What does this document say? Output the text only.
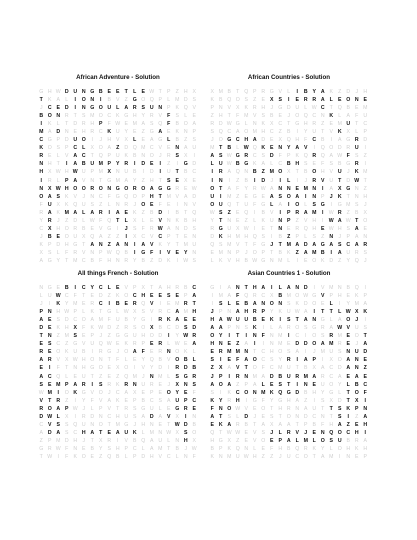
African Adventure - Solution
G H W D U N G B E E T	L E W T P Z H X
T K A	L	I	O N	I	B V Z G O Q P	L M D S
J	C E D	I	N G O U L A R S U N P K Q V
B O N R T S M O C K G H Y R V F S	L	E
I	K	L	T D R H P F W E M A S Q F B O A
M A D N E H R C K U Y E Z G A E K N P
C G P D U O	I	J	H V X L E A G L B Z S
K O S P C L X O A Z D Q M C V E N A U
R E	L	V A C T Q P U K B N O J	R S X	I
N H T	I	A B U M P Y R	I	D E	I	Z	I	G D
H X W H W U P M X N U B	I	D	I	U T B C
I	R L	P A V N T G M A Y Z H T S E X E
N X W H O O R O N G O R O A G G R E W
O A S K V	J	N C F G Q O P H T M V A D
F U X K Q U S Z	L N R	J O E F E	I	N V
R A K M A L A R	I	A E K Z B D	I	B T Q
Y R	J	Z D L W F Q T	L X	L	E V N K B H
C X H O R B E V G	I	J	S F R W A N D S
J	B E O U X Q A Z	Z	I	X C V C P T E N
K P D H G T A N Z A N	I	A V K Y T M U
X S	L	F R V N P W Q B	I	G F	I	V E Y N
A G Y T M C B F H N R Y B Z D K	I	W S
African Countries - Solution
X M B T Q P R G V	L	I	B Y A K Z D	J	H
K B Q O S Z E X S	I	E R R A L E O N E
P N V X K R H	J G D U L W C T Q B E M
Z H T	F M V S B E	J O Q C N K L	A F U
R D W G L N K X C T G H R Z E M U T C
S Q C A O M H C Z B	I	Y U T V K X	L	P
J O G C H A D E X Q H F C B	I	A G R D
M T B L W Q K E N Y A V	I	Q O D R U	I
A S W G R C S D F P K Q R Q A W F S Z
L U W B G K A	L C B H S E F S B G R	I
I	R A Q N B Z M O X T B O H V U	J	K M
I	N	I	Z B	I	D	J	I	L	I	J	R V U T D W T
O T A F Y R W A N N E M N	I	A X G N Z
U	I	M Z E G E A S O A	I	N P	J K T N H
O U Q T U F G L A	I	O L	S G	I	G M S	J
W S Z E Q	I	B V	I	P R A M	I	W R Z B X
Y T N E Z	L	K U N P Z V H	I	W A W T O
R G U X W	I	E T N E R Q H E W H S A E
D K H M H Q S	I	B Z P	L	S Z N	J	P A N
Q S M V T	F G J	T M A D A G A S C A R
E M N P	J O P T B K Z A M B	I	A U R S
L	K V H B W G N M L	I	E O K D Z Y Q J
All things French - Solution
N G E B	I	C Y C L E V P X T A H R B C
L U W C F	T E D Z K O C H E E S E P A
J	I	K Y M E R C	I	B E R Q V	I	E M R T
P N H W P	L	K T G L W X S V R C A M H
A E S D C O A M F U B Y G	I	R K A E E
D E K H X F K W D Z R S O X B C D S D
T N Z M S E P	J	Z G G U H O D	I	Y W R
E S C Z G V U Q W E K R P E R L W E A
R E O K U B	I	R G J O A F E R N O K	L
A R V X W H O N T	F	L	E Y Q B V O B L
E	I	F	T N H G O E X O	I	V Y D	I	R D B
A C Q L	E U T	Z E Z Q M J	N M L	S G R
S E M P A R	I	S R K R N U R E	J	X N S
W M	I	O K G V O J	C A X E P E O Y E F
V T R Z	I	Y F V A K E P B C S A U P C
R O A P W J	L	P V T R S G U L	E G R E
D W L X	I	R D N C H U S A D A V X	I	N
C V S S Q U N O T M G J	H N E T W D B
A D A S C H A T E A U K L M N W X S O
Z P M D H	J	T X R	I	V B Q A U L N H X
G R W F N E B Y S H P C L	A M T B	J W
T W	I	F K O E Z Q B	L	P D H V C L N F
Asian Countries 1 - Solution
G	I	A N T H A	I	L A N D	I	V M N B Q	I
I	M A F Q R C X B M O W G V P H E K P
I	S L E B A N O N S K D O E L	I	Y M A
J	P N A H R P Y K U W A	I	T	T	L W X K
H A W U U B E K	I	S T A N G L	A O J	I
A A P N S K	I	L	A R O S G R A W V U S
O Y	I	T	I	N F N M	I	C	I	O S R M E O T
H N E Z A	I	I	N M E D D O A M R E	J	A
E R M M N T C H O S A	I	J M U S N U D
S	I	E F A O C S Y R	I	A P	I	X O A N E
Z X A V T O F C M U T B X A C D A N Z
J	P	I	R N M A D B U R M A R C A E A E
A O A Z P A L E S T	I	N E U O Y L B C
S	I	K C O N M K Q G D B H Y G L	T O F
K Y R H	I	G F Y G H A Z	I	S X D T X	I
F N O W V E O T H R N A U T	T S K P N
A T S	L D	J	E S T O N D C N T S	I	Z A
E K A R B T A X A A T P B F H A Z E H
Q T W W E V S	J	L R V	J	E N Q O C H	I
H G X Z E V O E P A L M L O S U B R A
B P K Q N L	E F H B Q R K Y	L O H K H
K N M U W H Z	Z	J	U C O T A M	I	N E P
